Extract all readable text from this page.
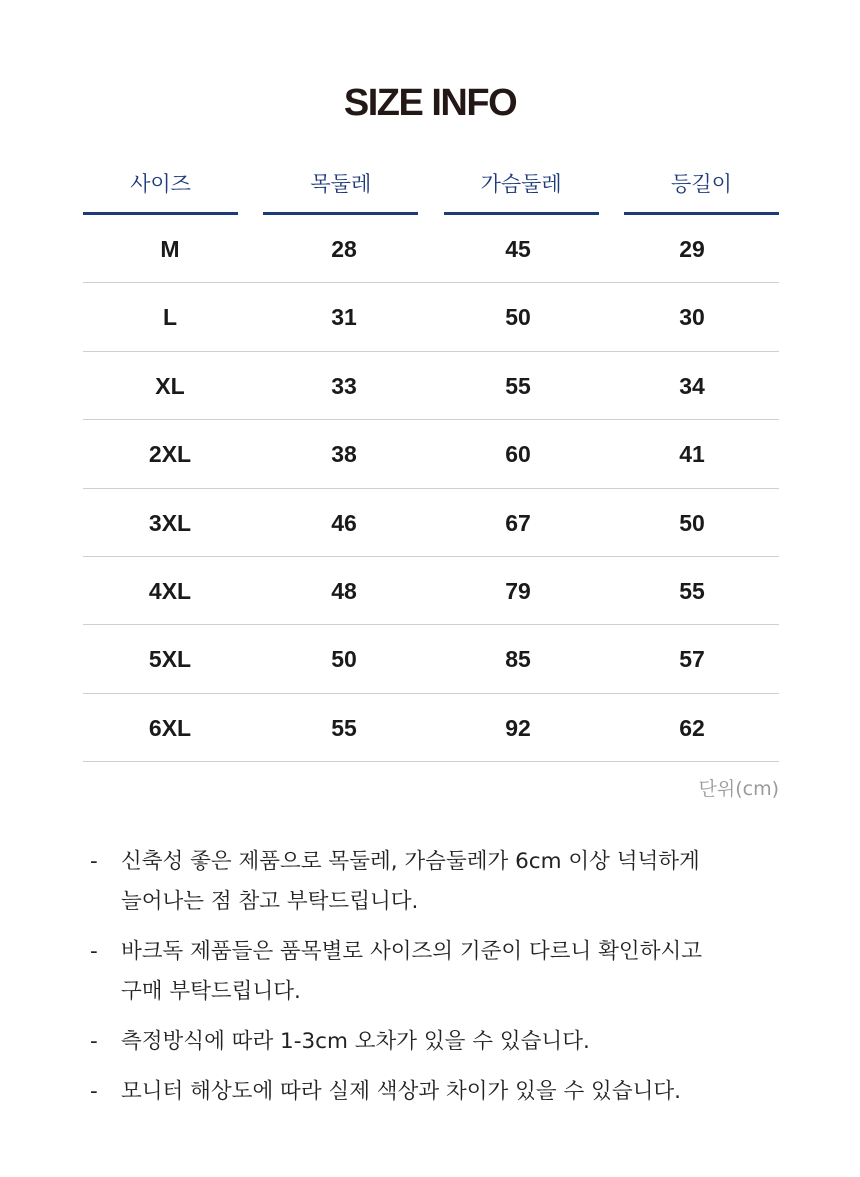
SIZE INFO
사이즈	목둘레	가슴둘레	등길이
M	28	45	29
L	31	50	30
XL	33	55	34
2XL	38	60	41
3XL	46	67	50
4XL	48	79	55
5XL	50	85	57
6XL	55	92	62
단위(cm)
- 신축성 좋은 제품으로 목둘레, 가슴둘레가 6cm 이상 넉넉하게
늘어나는 점 참고 부탁드립니다.
- 바크독 제품들은 품목별로 사이즈의 기준이 다르니 확인하시고
구매 부탁드립니다.
- 측정방식에 따라 1-3cm 오차가 있을 수 있습니다.
- 모니터 해상도에 따라 실제 색상과 차이가 있을 수 있습니다.
